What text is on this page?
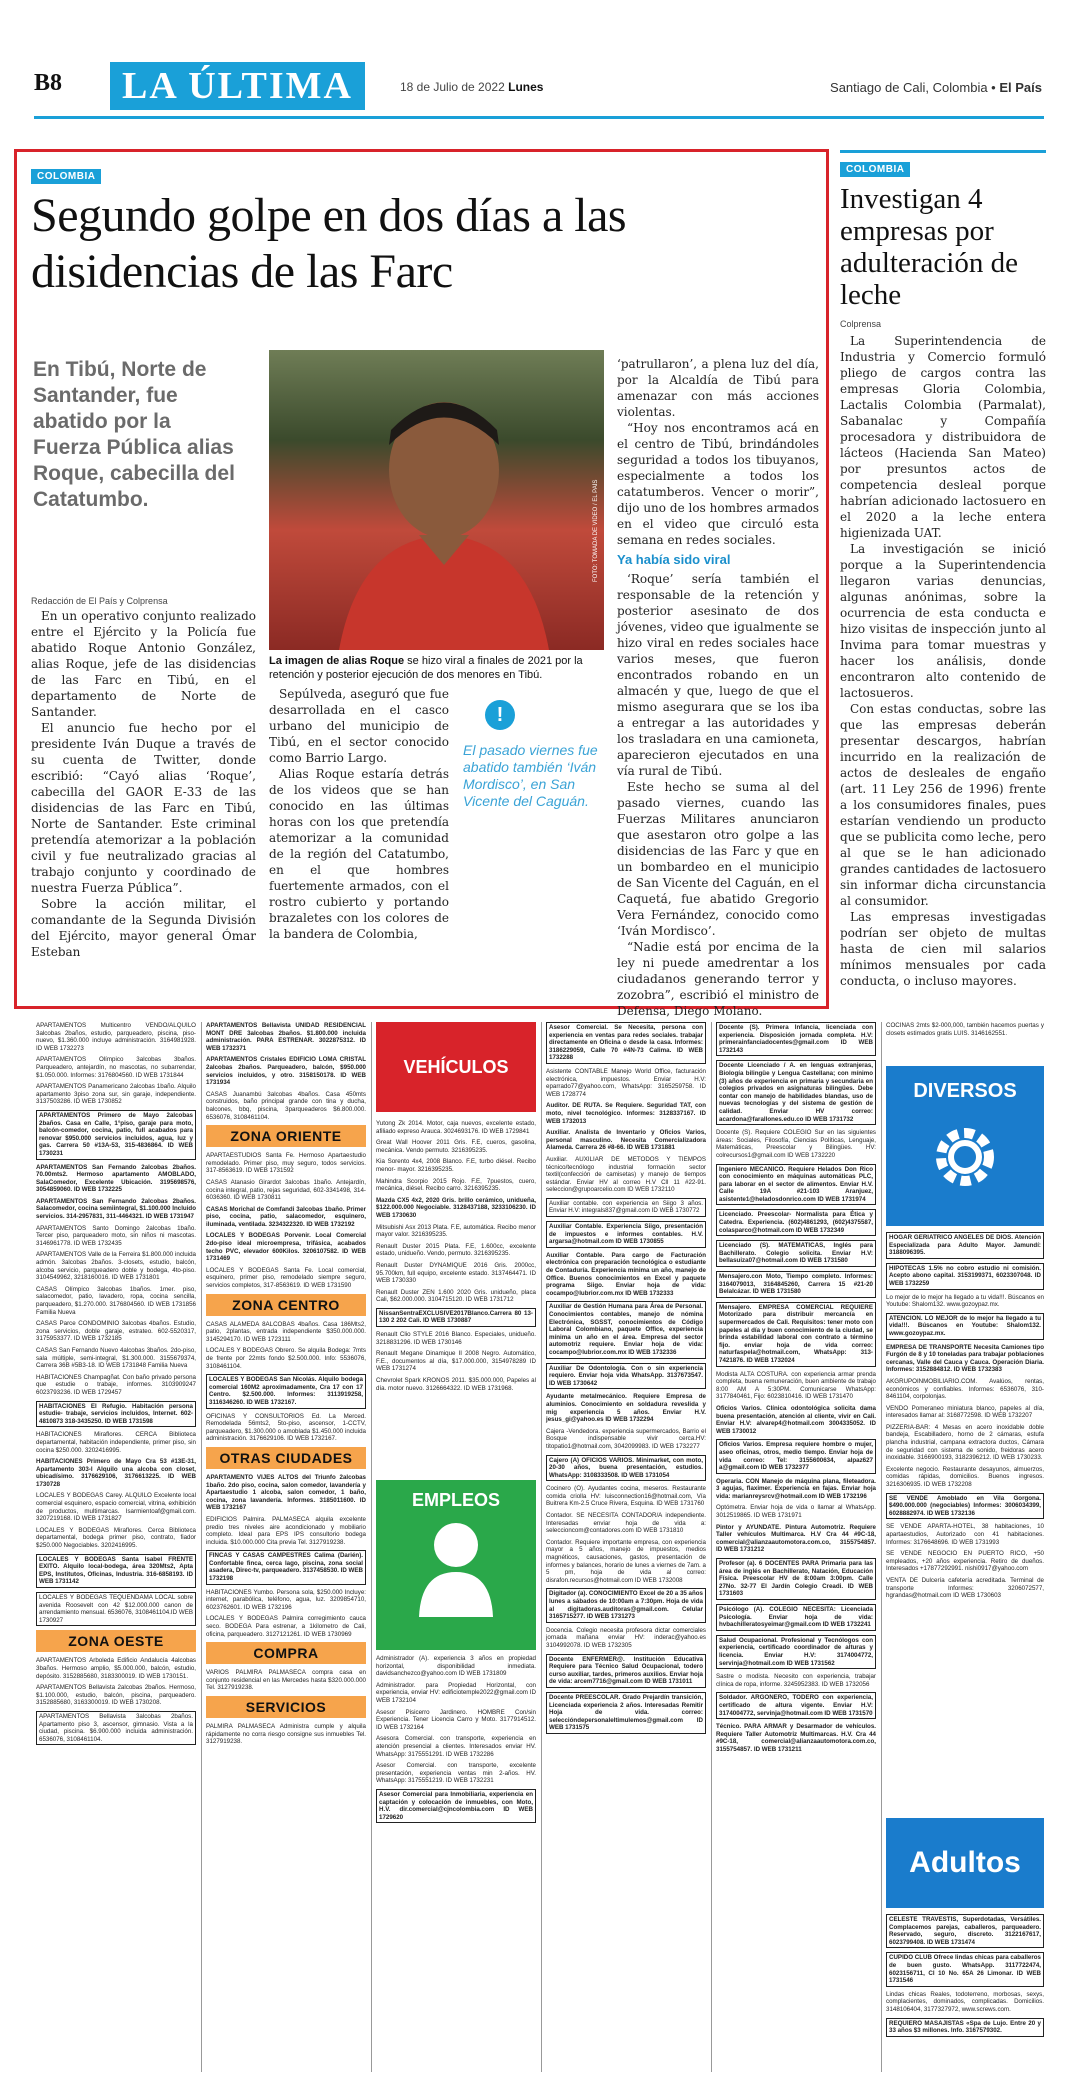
B8	LA ÚLTIMA	18 de Julio de 2022 Lunes	Santiago de Cali, Colombia • El País
COLOMBIA
Segundo golpe en dos días a las disidencias de las Farc
En Tibú, Norte de Santander, fue abatido por la Fuerza Pública alias Roque, cabecilla del Catatumbo.
Redacción de El País y Colprensa

En un operativo conjunto realizado entre el Ejército y la Policía fue abatido Roque Antonio González, alias Roque, jefe de las disidencias de las Farc en Tibú, en el departamento de Norte de Santander.

El anuncio fue hecho por el presidente Iván Duque a través de su cuenta de Twitter, donde escribió: “Cayó alias ‘Roque’, cabecilla del GAOR E-33 de las disidencias de las Farc en Tibú, Norte de Santander. Este criminal pretendía atemorizar a la población civil y fue neutralizado gracias al trabajo conjunto y coordinado de nuestra Fuerza Pública”.

Sobre la acción militar, el comandante de la Segunda División del Ejército, mayor general Ómar Esteban

FOTO: TOMADA DE VIDEO / EL PAÍS
La imagen de alias Roque se hizo viral a finales de 2021 por la retención y posterior ejecución de dos menores en Tibú.

Sepúlveda, aseguró que fue desarrollada en el casco urbano del municipio de Tibú, en el sector conocido como Barrio Largo.

Alias Roque estaría detrás de los videos que se han conocido en las últimas horas con los que pretendía atemorizar a la comunidad de la región del Catatumbo, en el que hombres fuertemente armados, con el rostro cubierto y portando brazaletes con los colores de la bandera de Colombia,

!
El pasado viernes fue abatido también ‘Iván Mordisco’, en San Vicente del Caguán.

‘patrullaron’, a plena luz del día, por la Alcaldía de Tibú para amenazar con más acciones violentas.

“Hoy nos encontramos acá en el centro de Tibú, brindándoles seguridad a todos los tibuyanos, especialmente a todos los catatumberos. Vencer o morir”, dijo uno de los hombres armados en el video que circuló esta semana en redes sociales.

Ya había sido viral

‘Roque’ sería también el responsable de la retención y posterior asesinato de dos jóvenes, video que igualmente se hizo viral en redes sociales hace varios meses, que fueron encontrados robando en un almacén y que, luego de que el mismo asegurara que se los iba a entregar a las autoridades y los trasladara en una camioneta, aparecieron ejecutados en una vía rural de Tibú.

Este hecho se suma al del pasado viernes, cuando las Fuerzas Militares anunciaron que asestaron otro golpe a las disidencias de las Farc y que en un bombardeo en el municipio de San Vicente del Caguán, en el Caquetá, fue abatido Gregorio Vera Fernández, conocido como ‘Iván Mordisco’.

“Nadie está por encima de la ley ni puede amedrentar a los ciudadanos generando terror y zozobra”, escribió el ministro de Defensa, Diego Molano.

COLOMBIA
Investigan 4 empresas por adulteración de leche
Colprensa

La Superintendencia de Industria y Comercio formuló pliego de cargos contra las empresas Gloria Colombia, Lactalis Colombia (Parmalat), Sabanalac y Compañía procesadora y distribuidora de lácteos (Hacienda San Mateo) por presuntos actos de competencia desleal porque habrían adicionado lactosuero en el 2020 a la leche entera higienizada UAT.

La investigación se inició porque a la Superintendencia llegaron varias denuncias, algunas anónimas, sobre la ocurrencia de esta conducta e hizo visitas de inspección junto al Invima para tomar muestras y hacer los análisis, donde encontraron alto contenido de lactosueros.

Con estas conductas, sobre las que las empresas deberán presentar descargos, habrían incurrido en la realización de actos de desleales de engaño (art. 11 Ley 256 de 1996) frente a los consumidores finales, pues estarían vendiendo un producto que se publicita como leche, pero al que se le han adicionado grandes cantidades de lactosuero sin informar dicha circunstancia al consumidor.

Las empresas investigadas podrían ser objeto de multas hasta de cien mil salarios mínimos mensuales por cada conducta, o incluso mayores.

APARTAMENTOS Multicentro VENDO/ALQUILO 3alcobas 2baños, estudio, parqueadero, piscina, piso-nuevo, $1.360.000 incluye administración. 3164981928. ID WEB 1732273
APARTAMENTOS Olímpico 3alcobas 3baños. Parqueadero, antejardín, no mascotas, no subarrendar, $1.050.000. Informes: 3176804560. ID WEB 1731844
APARTAMENTOS Panamericano 2alcobas 1baño. Alquilo apartamento 3piso zona sur, sin garaje, independiente. 3137503286. ID WEB 1730852
APARTAMENTOS Primero de Mayo 2alcobas 2baños. Casa en Calle, 1°piso, garaje para moto, balcón-comedor, cocina, patio, full acabados para renovar $950.000 servicios incluidos, agua, luz y gas. Carrera 50 #13A-53, 315-4836864. ID WEB 1730231
APARTAMENTOS San Fernando 2alcobas 2baños. 70.00mts2. Hermoso apartamento AMOBLADO, SalaComedor, Excelente Ubicación. 3195698576, 3054859060. ID WEB 1732225
APARTAMENTOS San Fernando 2alcobas 2baños. Salacomedor, cocina semiintegral, $1.100.000 Incluido servicios. 314-2957831, 311-4464321. ID WEB 1731947
APARTAMENTOS Santo Domingo 2alcobas 1baño. Tercer piso, parqueadero moto, sin niños ni mascotas. 3146961778. ID WEB 1732435
APARTAMENTOS Valle de la Ferreira $1.800.000 incluida admón. 3alcobas 2baños. 3-closets, estudio, balcón, alcoba servicio, parqueadero doble y bodega, 4to-piso. 3104549962, 3218160016. ID WEB 1731801
CASAS Olímpico 3alcobas 1baños. 1mer. piso, salacomedor, patio, lavadero, ropa, cocina sencilla, parqueadero, $1.270.000. 3176804560. ID WEB 1731856 Familia Nueva
CASAS Parce CONDOMINIO 3alcobas 4baños. Estudio, zona servicios, doble garaje, estrateo. 602-5520317, 3175953377. ID WEB 1732185
CASAS San Fernando Nuevo 4alcobas 3baños. 2do-piso, sala múltiple, semi-integral, $1.300.000. 3155679374, Carrera 36B #5B3-18. ID WEB 1731848 Familia Nueva
HABITACIONES Champagñat. Con baño privado persona que estudie o trabaje, informes. 3103909247 6023793236. ID WEB 1729457
HABITACIONES El Refugio. Habitación persona estudie- trabaje, servicios incluidos, Internet. 602-4810873 318-3435250. ID WEB 1731598
HABITACIONES Miraflores. CERCA Biblioteca departamental, habitación independiente, primer piso, sin cocina $250.000. 3202416995.
HABITACIONES Primero de Mayo Cra 53 #13E-31, Apartamento 303-I Alquilo una alcoba con closet, ubicadísimo. 3176629106, 3176613225. ID WEB 1730728
LOCALES Y BODEGAS Carey. ALQUILO Excelente local comercial esquinero, espacio comercial, vitrina, exhibición de productos, multimarcas. Isarmientoaf@gmail.com. 3207219168. ID WEB 1731827
LOCALES Y BODEGAS Miraflores. Cerca Biblioteca departamental, bodega primer piso, contrato, fiador $250.000 Negociables. 3202416995.
LOCALES Y BODEGAS Santa Isabel FRENTE EXITO. Alquilo local-bodega, área 320Mts2, Apta EPS, Institutos, Oficinas, Industria. 316-6858193. ID WEB 1731142
LOCALES Y BODEGAS TEQUENDAMA LOCAL sobre avenida Roosevelt con 42 $12.000.000 canon de arrendamiento mensual. 6536076, 3108461104.ID WEB 1730927
ZONA OESTE
APARTAMENTOS Arboleda Edificio Andalucía 4alcobas 3baños. Hermoso amplio, $5.000.000, balcón, estudio, depósito. 3152885680, 3183300019. ID WEB 1730151.
APARTAMENTOS Bellavista 2alcobas 2baños. Hermoso, $1.100.000, estudio, balcón, piscina, parqueadero. 3152885680, 3163300019. ID WEB 1730208.
APARTAMENTOS Bellavista 3alcobas 2baños. Apartamento piso 3, ascensor, gimnasio. Vista a la ciudad, piscina. $6.900.000 incluida administración. 6536076, 3108461104.
APARTAMENTOS Bellavista UNIDAD RESIDENCIAL MONT DRE 3alcobas 2baños. $1.800.000 incluida administración. PARA ESTRENAR. 3022875312. ID WEB 1732371
APARTAMENTOS Cristales EDIFICIO LOMA CRISTAL 2alcobas 2baños. Parqueadero, balcón, $950.000 servicios incluidos, y otro. 3158150178. ID WEB 1731934
CASAS Juanambú 3alcobas 4baños. Casa 450mts construidos, baño principal grande con tina y ducha, balcones, bbq, piscina, 3parqueaderos $6.800.000. 6536076, 3108461104.
ZONA ORIENTE
APARTAESTUDIOS Santa Fe. Hermoso Apartaestudio remodelado. Primer piso, muy seguro, todos servicios. 317-8563619. ID WEB 1731592
CASAS Atanasio Girardot 3alcobas 1baño. Antejardín, cocina integral, patio, rejas seguridad, 602-3341498, 314-6036360. ID WEB 1730811
CASAS Morichal de Comfandi 3alcobas 1baño. Primer piso, cocina, patio, salacomedor, esquinero, iluminada, ventilada. 3234322320. ID WEB 1732192
LOCALES Y BODEGAS Porvenir. Local Comercial 2do-piso ideal microempresa, trifásica, acabados techo PVC, elevador 600Kilos. 3206107582. ID WEB 1731469
LOCALES Y BODEGAS Santa Fe. Local comercial, esquinero, primer piso, remodelado siempre seguro, servicios completos, 317-8563619. ID WEB 1731590
ZONA CENTRO
CASAS ALAMEDA 8ALCOBAS 4baños. Casa 186Mts2, patio, 2plantas, entrada independiente $350.000.000. 3145294170. ID WEB 1723111
LOCALES Y BODEGAS Obrero. Se alquila Bodega: 7mts de frente por 22mts fondo $2.500.000. Info: 5536076, 3108461104.
LOCALES Y BODEGAS San Nicolás. Alquilo bodega comercial 160M2 aproximadamente, Cra 17 con 17 Centro. $2.500.000. Informes: 3113919258, 3116346260. ID WEB 1732167.
OFICINAS Y CONSULTORIOS Ed. La Merced. Remodelada 56mts2, 5to-piso, ascensor, 1-CCTV, parqueadero, $1.300.000 o amoblada $1.450.000 incluida administración. 3176629106. ID WEB 1732167.
OTRAS CIUDADES
APARTAMENTO VIJES ALTOS del Triunfo 2alcobas 1baño. 2do piso, cocina, salon comedor, lavandería y Apartaestudio 1 alcoba, salon comedor, 1 baño, cocina, zona lavandería. Informes. 3185011600. ID WEB 1732167
EDIFICIOS Palmira. PALMASECA alquila excelente predio tres niveles aire acondicionado y mobiliario completo. Ideal para EPS IPS consultorio bodega incluida. $10.000.000 Cita previa Tel. 3127919238.
FINCAS Y CASAS CAMPESTRES Calima (Darién). Confortable finca, cerca lago, piscina, zona social asadera, Direc-tv, parqueadero. 3137458530. ID WEB 1732198
HABITACIONES Yumbo. Persona sola, $250.000 Incluye: internet, parabólica, teléfono, agua, luz. 3209854710, 6023762601. ID WEB 1732196
LOCALES Y BODEGAS Palmira corregimiento cauca seco. BODEGA Para estrenar, a 1kilometro de Cali, oficina, parqueadero. 3127121261. ID WEB 1730969
COMPRA
VARIOS PALMIRA PALMASECA compra casa en conjunto residencial en las Mercedes hasta $320.000.000 Tel. 3127919238.
SERVICIOS
PALMIRA PALMASECA Administra cumple y alquila rápidamente no corra riesgo consigne sus inmuebles Tel. 3127919238.
VEHÍCULOS
Yutong Zk 2014. Motor, caja nuevos, excelente estado, afiliado expreso Arauca. 3024693176. ID WEB 1729841
Great Wall Hoover 2011 Gris. F.E, cueros, gasolina, mecánica. Vendo permuto. 3216395235.
Kia Sorento 4x4, 2008 Blanco. F.E, turbo diésel. Recibo menor- mayor. 3216395235.
Mahindra Scorpio 2015 Rojo. F.E, 7puestos, cuero, mecánica, diésel. Recibo carro. 3216395235.
Mazda CX5 4x2, 2020 Gris. brillo cerámico, unidueña, $122.000.000 Negociable. 3128437188, 3233106230. ID WEB 1730630
Mitsubishi Asx 2013 Plata. F.E, automática. Recibo menor mayor valor. 3216395235.
Renault Duster 2015 Plata. F.E, 1.600cc, excelente estado, unidueño. Vendo, permuto. 3216395235.
Renault Duster DYNAMIQUE 2016 Gris. 2000cc, 95.700km, full equipo, excelente estado. 3137464471. ID WEB 1730330
Renault Duster ZEN 1.600 2020 Gris. unidueño, placa Cali, $62.000.000. 3104715120. ID WEB 1731712
NissanSentraEXCLUSIVE2017Blanco.Carrera 80 13-130 2 202 Cali. ID WEB 1730887
Renault Clio STYLE 2016 Blanco. Especiales, unidueño. 3218831296. ID WEB 1730146
Renault Megane Dinamique II 2008 Negro. Automático, F.E., documentos al día, $17.000.000, 3154978289 ID WEB 1731274
Chevrolet Spark KRONOS 2011. $35.000.000, Papeles al día. motor nuevo. 3126664322. ID WEB 1731968.
EMPLEOS
Administrador (A). experiencia 3 años en propiedad horizontal, disponibilidad inmediata. davidsanchezco@yahoo.com ID WEB 1731809
Administrador. para Propiedad Horizontal, con experiencia, enviar HV: edificiotemple2022@gmail.com ID WEB 1732104
Asesor Pisicerro Jardinero. HOMBRE Con/sin Experiencia. Tener Licencia Carro y Moto. 3177914512. ID WEB 1732164
Asesora Comercial. con transporte, experiencia en atención presencial a clientes. Interesados enviar HV. WhatsApp: 3175551291. ID WEB 1732286
Asesor Comercial. con transporte, excelente presentación, experiencia ventas min 2-años. HV. WhatsApp: 3175551219. ID WEB 1732231
Asesor Comercial para Inmobiliaria, experiencia en captación y colocación de inmuebles, con Moto, H.V. dir.comercial@cjncolombia.com ID WEB 1729620
Asesor Comercial. Se Necesita, persona con experiencia en ventas para redes sociales. trabajar directamente en Oficina o desde la casa. Informes: 3186229059, Calle 70 #4N-73 Calima. ID WEB 1732288
Asistente CONTABLE Manejo World Office, facturación electrónica, impuestos. Enviar H.V: eparrado77@yahoo.com, WhatsApp: 3165259758. ID WEB 1728774
Auditor. DE RUTA. Se Requiere. Seguridad TAT, con moto, nivel tecnológico. Informes: 3128337167. ID WEB 1732013
Auxiliar. Analista de Inventario y Oficios Varios, personal masculino. Necesita Comercializadora Alameda. Carrera 26 #8-66. ID WEB 1731881
Auxiliar. AUXILIAR DE METODOS Y TIEMPOS técnico/tecnólogo industrial formación sector textil(confección de camisetas) y manejo de tiempos estándar. Enviar HV al correo H.V Cll 11 #22-91. seleccion@grupoarcelio.com ID WEB 1732110
Auxiliar contable. con experiencia en Siigo 3 años. Enviar H.V: integrals837@gmail.com ID WEB 1730772
Auxiliar Contable. Experiencia Siigo, presentación de impuestos e informes contables. H.V. argarsa@hotmail.com ID WEB 1730855
Auxiliar Contable. Para cargo de Facturación electrónica con preparación tecnológica o estudiante de Contaduría. Experiencia mínima un año, manejo de Office. Buenos conocimientos en Excel y paquete programa Siigo. Enviar hoja de vida: cocampo@lubrior.com.mx ID WEB 1732333
Auxiliar de Gestión Humana para Área de Personal. Conocimientos contables, manejo de nómina Electrónica, SGSST, conocimientos de Código Laboral Colombiano, paquete Office, experiencia mínima un año en el área. Empresa del sector automotriz requiere. Enviar hoja de vida: cocampo@lubrior.com.mx ID WEB 1732336
Auxiliar De Odontología. Con o sin experiencia requiero. Enviar hoja vida WhatsApp. 3137673547. ID WEB 1730642
Ayudante metalmecánico. Requiere Empresa de aluminios. Conocimiento en soldadura reveslida y mig experiencia 5 años. Enviar H.V. jesus_gi@yahoo.es ID WEB 1732294
Cajera -Vendedora. experiencia supermercados, Barrio el Bosque indispensable vivir cerca.HV: titopatio1@hotmail.com, 3042099983. ID WEB 1732277
Cajero (A) OFICIOS VARIOS. Minimarket, con moto, 20-30 años, buena presentación, estudios. WhatsApp: 3108333508. ID WEB 1731054
Cocinero (O). Ayudantes cocina, meseros. Restaurante comida criolla HV: luisconnection16@hotmail.com, Vía Buitrera Km-2.5 Cruce Rivera, Esquina. ID WEB 1731760
Contador. SE NECESITA CONTADOR/A independiente. Interesadas enviar hoja de vida a: seleccioncom@contadores.com ID WEB 1731810
Contador. Requiere importante empresa, con experiencia mayor a 5 años, manejo de impuestos, medios magnéticos, causaciones, gastos, presentación de informes y balances, horario de lunes a viernes de 7am. a 5 pm, hoja de vida al correo: disrafon.recursos@hotmail.com ID WEB 1732008
Digitador (a). CONOCIMIENTO Excel de 20 a 35 años lunes a sábados de 10:00am a 7:30pm. Hoja de vida al digitadoras.auditoras@gmail.com. Celular 3165715277. ID WEB 1731273
Docencia. Colegio necesita profesora dictar comerciales jornada mañana enviar HV: inderac@yahoo.es 3104992078. ID WEB 1732305
Docente ENFERMER@. Institución Educativa Requiere para Técnico Salud Ocupacional, todero curso auxiliar, tardes, primeros auxilios. Enviar hoja de vida: arcem7716@gmail.com ID WEB 1731011
Docente PREESCOLAR. Grado Prejardín transición, Licenciada experiencia 2 años. Interesadas Remitir Hoja de vida. correo: seleccióndepersonaleltimulemos@gmail.com ID WEB 1731575
Docente (S). Primera Infancia, licenciada con experiencia. Disposición jornada completa. H.V: primerainfanciadocentes@gmail.com ID WEB 1732143
Docente Licenciado / A. en lenguas extranjeras, Biología bilingüe y Lengua Castellana; con mínimo (3) años de experiencia en primaria y secundaria en colegios privados en asignaturas bilingües. Debe contar con manejo de habilidades blandas, uso de nuevas tecnologías y del sistema de gestión de calidad. Enviar HV correo: acardona@farallones.edu.co ID WEB 1731732
Docente (S). Requiere COLEGIO Sur en las siguientes áreas: Sociales, Filosofía, Ciencias Políticas, Lenguaje, Matemáticas, Preescolar y Bilingües. HV: colrecursos1@gmail.com ID WEB 1732220
Ingeniero MECANICO. Requiere Helados Don Rico con conocimiento en máquinas automáticas PLC, para laborar en el sector de alimentos. Enviar H.V. Calle 19A #21-103 Aranjuez, asistente1@heladosdonrico.com ID WEB 1731974
Licenciado. Preescolar- Normalista para Ética y Catedra. Experiencia. (602)4861293, (602)4375587, colasparco@hotmail.com ID WEB 1732349
Licenciado (S). MATEMATICAS, Inglés para Bachillerato. Colegio solicita. Enviar H.V: bellasuiza07@hotmail.com ID WEB 1731580
Mensajero.con Moto, Tiempo completo. Informes: 3164079013, 3164845260, Carrera 15 #21-20 Belalcázar. ID WEB 1731580
Mensajero. EMPRESA COMERCIAL REQUIERE Motorizado para distribuir mercancía en supermercados de Cali. Requisitos: tener moto con papeles al día y buen conocimiento de la ciudad, se brinda estabilidad laboral con contrato a término fijo. enviar hoja de vida correo: naturfaspela@hotmail.com, WhatsApp: 313-7421876. ID WEB 1732024
Modista ALTA COSTURA. con experiencia armar prenda completa, buena remuneración, buen ambiente de trabajo 8:00 AM A 5:30PM. Comunicarse WhatsApp: 3177840461, Fijo: 6023810416. ID WEB 1731470
Oficios Varios. Clínica odontológica solicita dama buena presentación, atención al cliente, vivir en Cali. Enviar H.V: alvarep4@hotmail.com 3004335052. ID WEB 1730012
Oficios Varios. Empresa requiere hombre o mujer, aseo oficinas, otros, medio tiempo. Enviar hoja de vida correo: Tel: 3155600634, alpaz627 a@gmail.com ID WEB 1732377
Operaria. CON Manejo de máquina plana, fileteadora. 3 agujas, flaximer. Experiencia en fajas. Enviar hoja vida: marianreysrcv@hotmail.com ID WEB 1732196
Optómetra. Enviar hoja de vida o llamar al WhatsApp. 3012519865. ID WEB 1731971
Pintor y AYUNDATE. Pintura Automotriz. Requiere Taller vehículos Multimarca. H.V Cra 44 #9C-18, comercial@alianzaautomotora.com.co, 3155754857. ID WEB 1731212
Profesor (a). 6 DOCENTES PARA Primaria para las área de inglés en Bachillerato, Natación, Educación Física. Preescolar HV de 8:00am 3:00pm. Calle 27No. 32-77 El Jardín Colegio Creadi. ID WEB 1731603
Psicólogo (A). COLEGIO NECESITA: Licenciada Psicología. Enviar hoja de vida: hvbachilleratosyeimar@gmail.com ID WEB 1732241
Salud Ocupacional. Profesional y Tecnólogos con experiencia, certificado coordinador de alturas y licencia. Enviar H.V: 3174004772, servinja@hotmail.com ID WEB 1731562
Sastre o modista. Necesito con experiencia, trabajar clínica de ropa, informe. 3245952383. ID WEB 1732056
Soldador. ARGONERO, TODERO con experiencia, certificado de altura vigente. Enviar H.V: 3174004772, servinja@hotmail.com ID WEB 1731570
Técnico. PARA ARMAR y Desarmador de vehículos. Requiere Taller Automotriz Multimarcas. H.V. Cra 44 #9C-18, comercial@alianzaautomotora.com.co, 3155754857. ID WEB 1731211
COCINAS 2mts $2-000,000, también hacemos puertas y closets estimados gratis LUIS. 3146162551.
DIVERSOS
HOGAR GERIATRICO ANGELES DE DIOS. Atención Especializada para Adulto Mayor. Jamundí: 3188096395.
HIPOTECAS 1.5% no cobro estudio ni comisión. Acepto abono capital. 3153199371, 6023307048. ID WEB 1732259
Lo mejor de lo mejor ha llegado a tu vida!!!. Búscanos en Youtube: Shalom132. www.gozoypaz.mx.
ATENCION. LO MEJOR de lo mejor ha llegado a tu vida!!!. Búscanos en Youtube: Shalom132. www.gozoypaz.mx.
EMPRESA DE TRANSPORTE Necesita Camiones tipo Furgón de 8 y 10 toneladas para trabajar poblaciones cercanas, Valle del Cauca y Cauca. Operación Diaria. Informes: 3152884812. ID WEB 1732383
AKGRUPOINMOBILIARIO.COM. Avalúos, rentas, económicos y confiables. Informes: 6536076, 310-8461104, corpolonjas.
VENDO Pomeraneo miniatura blanco, papeles al día, interesados llamar al: 3168772598. ID WEB 1732207
PIZZERIA-BAR: 4 Mesas en acero inoxidable doble bandeja, Escabilladero, horno de 2 cámaras, estufa plancha industrial, campana extractora ductos, Cámara de seguridad con sistema de sonido, freidoras acero inoxidable. 3166900193, 3182396212. ID WEB 1730233.
Excelente negocio. Restaurante desayunos, almuerzos, comidas rápidas, domicilios. Buenos ingresos. 3216306935. ID WEB 1732208
SE VENDE Amoblado en Vila Gorgona. $490.000.000 (negociables) Informes: 3006034399, 6028882974. ID WEB 1732136
SE VENDE APARTA-HOTEL, 38 habitaciones, 10 apartaestudios, Autorizado con 41 habitaciones. Informes: 3176648696. ID WEB 1731993
SE VENDE NEGOCIO EN PUERTO RICO, +50 empleados, +20 años experiencia. Retiro de dueños. Interesados +17877292991. nishi0917@yahoo.com
VENTA DE Dulcería cafetería acreditada. Terminal de transporte Informes: 3206072577, hgrandas@hotmail.com ID WEB 1730603
Adultos
CELESTE TRAVESTIS, Superdotadas, Versátiles. Complacemos parejas, caballeros, parqueadero. Reservado, seguro, discreto. 3122167617, 6023799408. ID WEB 1731474
CUPIDO CLUB Ofrece lindas chicas para caballeros de buen gusto. WhatsApp. 3117722474, 6023156711, Cl 10 No. 65A 26 Limonar. ID WEB 1731546
Lindas chicas Reales, todoterreno, morbosas, sexys, complacientes, dominados, complicadas. Domicilios. 3148106404, 3177327972, www.screws.com.
REQUIERO MASAJISTAS «Spa de Lujo. Entre 20 y 33 años $3 millones. Info. 3167579302.
